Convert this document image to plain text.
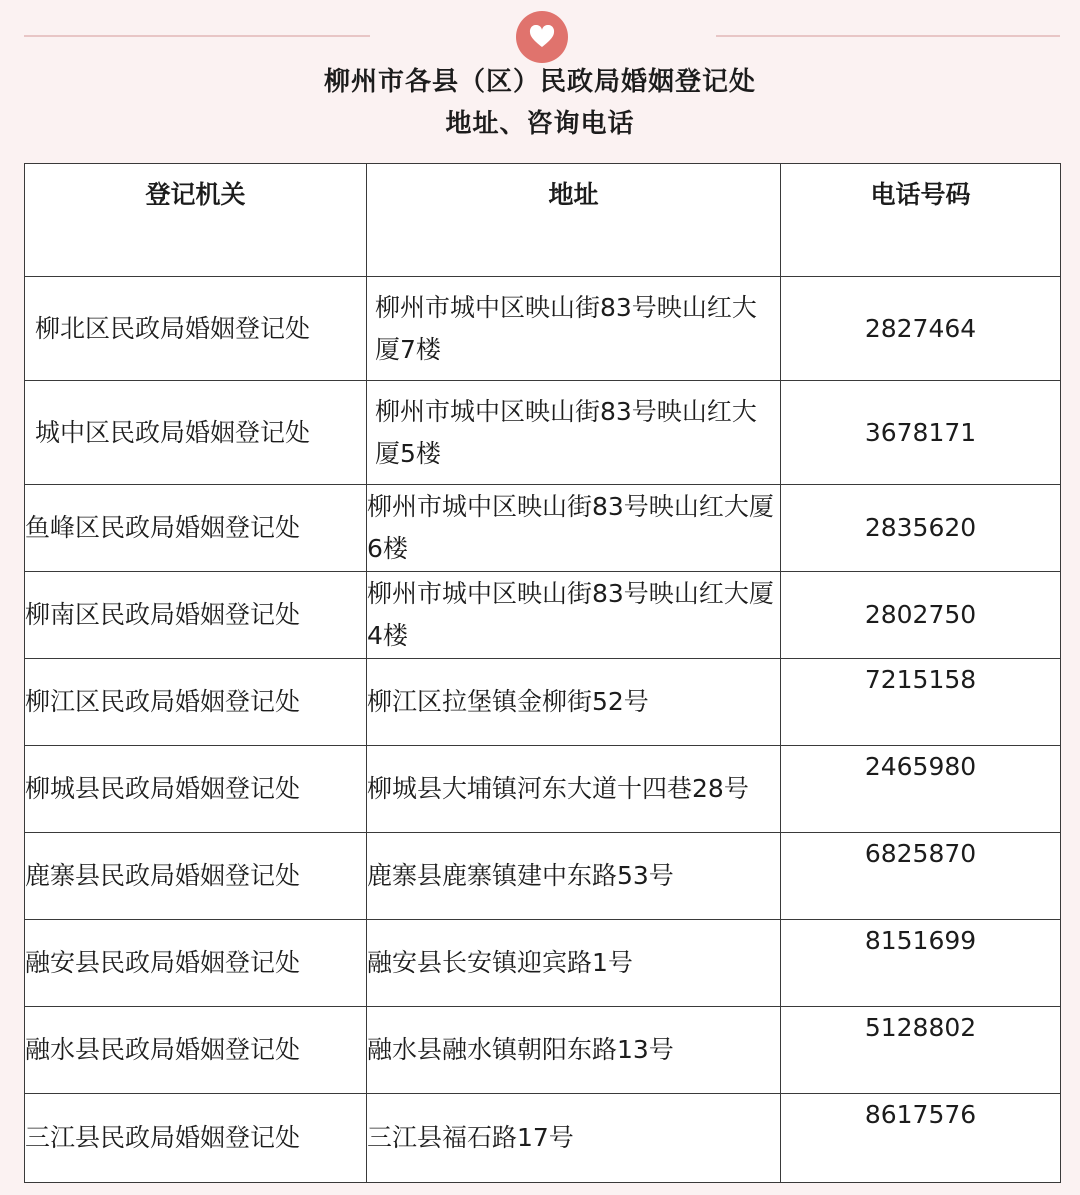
柳州市各县（区）民政局婚姻登记处
地址、咨询电话
登记机关	地址	电话号码
柳北区民政局婚姻登记处	柳州市城中区映山街83号映山红大厦7楼	2827464
城中区民政局婚姻登记处	柳州市城中区映山街83号映山红大厦5楼	3678171
鱼峰区民政局婚姻登记处	柳州市城中区映山街83号映山红大厦6楼	2835620
柳南区民政局婚姻登记处	柳州市城中区映山街83号映山红大厦4楼	2802750
柳江区民政局婚姻登记处	柳江区拉堡镇金柳街52号	7215158
柳城县民政局婚姻登记处	柳城县大埔镇河东大道十四巷28号	2465980
鹿寨县民政局婚姻登记处	鹿寨县鹿寨镇建中东路53号	6825870
融安县民政局婚姻登记处	融安县长安镇迎宾路1号	8151699
融水县民政局婚姻登记处	融水县融水镇朝阳东路13号	5128802
三江县民政局婚姻登记处	三江县福石路17号	8617576
